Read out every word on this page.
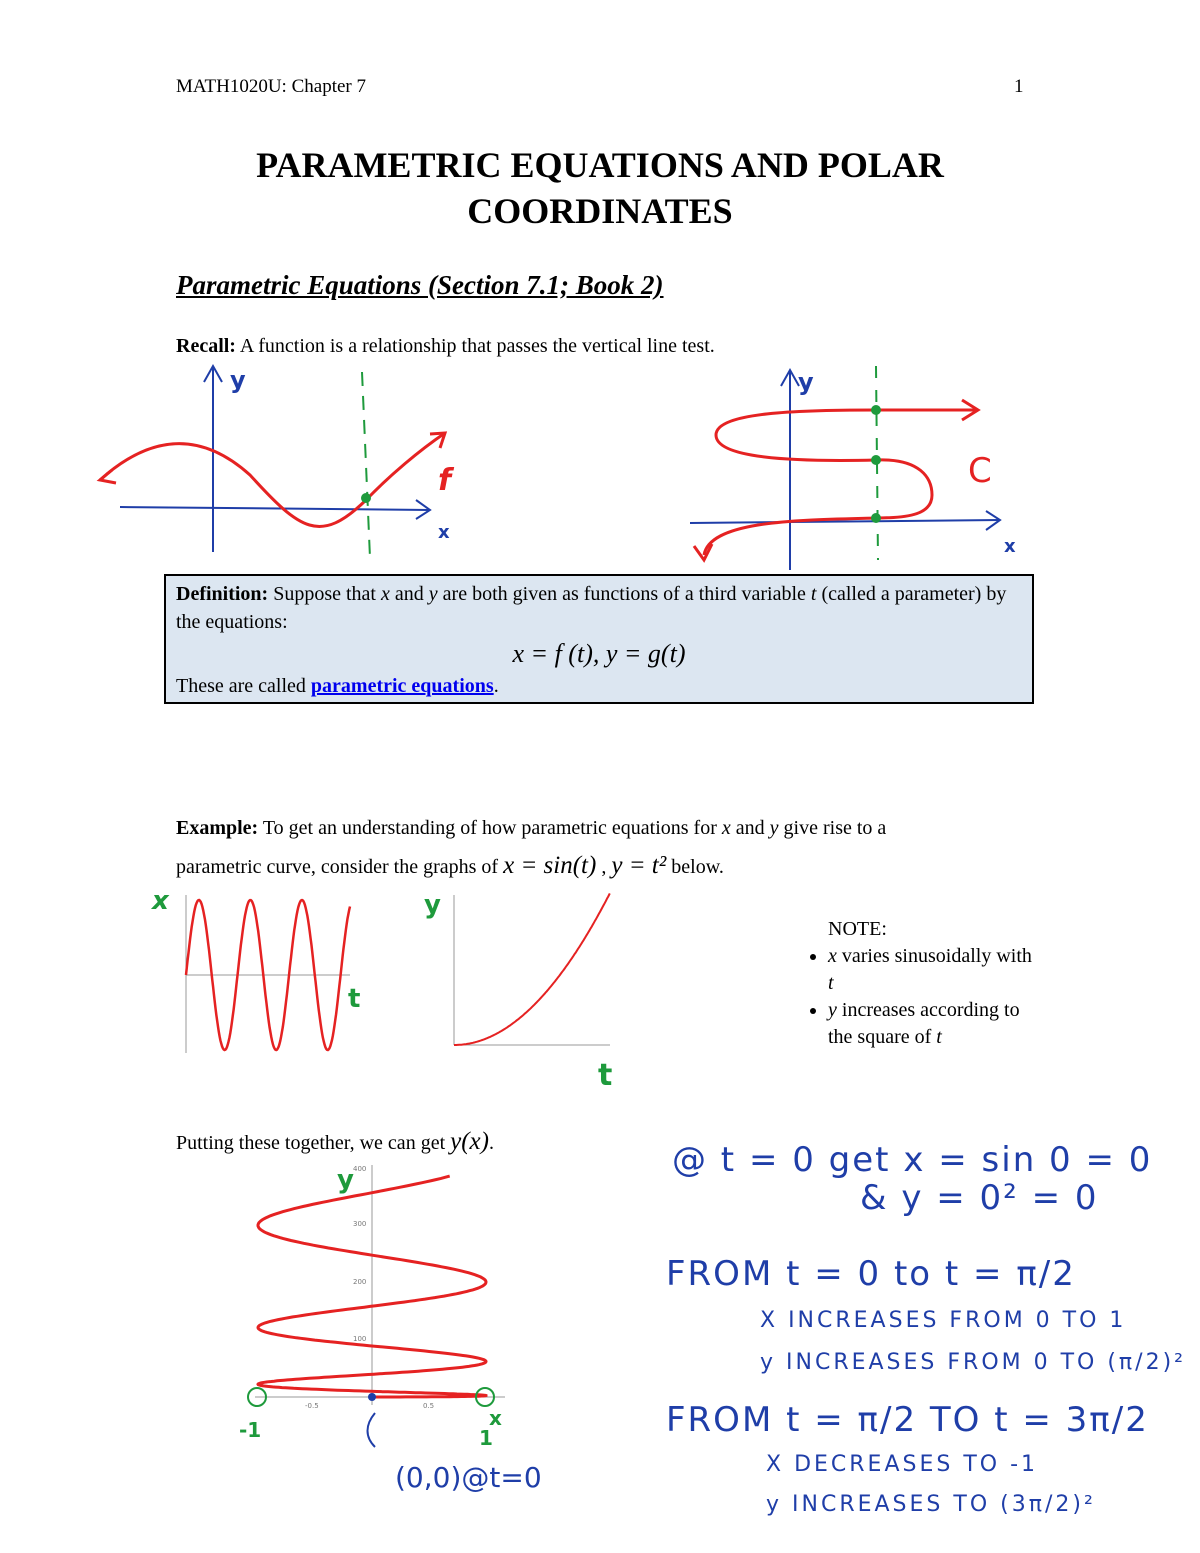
MATH1020U: Chapter 7	1
PARAMETRIC EQUATIONS AND POLAR
COORDINATES
Parametric Equations (Section 7.1; Book 2)
Recall: A function is a relationship that passes the vertical line test.
y
x
f
y
x
C
Definition: Suppose that x and y are both given as functions of a third variable t (called a parameter) by the equations:
x = f (t), y = g(t)
These are called parametric equations.
Example: To get an understanding of how parametric equations for x and y give rise to a
parametric curve, consider the graphs of x = sin(t) , y = t² below.
x
t
y
t
NOTE:
• x varies sinusoidally with t
• y increases according to the square of t
Putting these together, we can get y(x).
400
300
200
100
-0.5	0.5
y
x
-1	1
(0,0)@t=0
@ t = 0 get x = sin 0 = 0
& y = 0² = 0
FROM t = 0 to t = π/2
X INCREASES FROM 0 TO 1
y INCREASES FROM 0 TO (π/2)²
FROM t = π/2 TO t = 3π/2
X DECREASES TO -1
y INCREASES TO (3π/2)²
